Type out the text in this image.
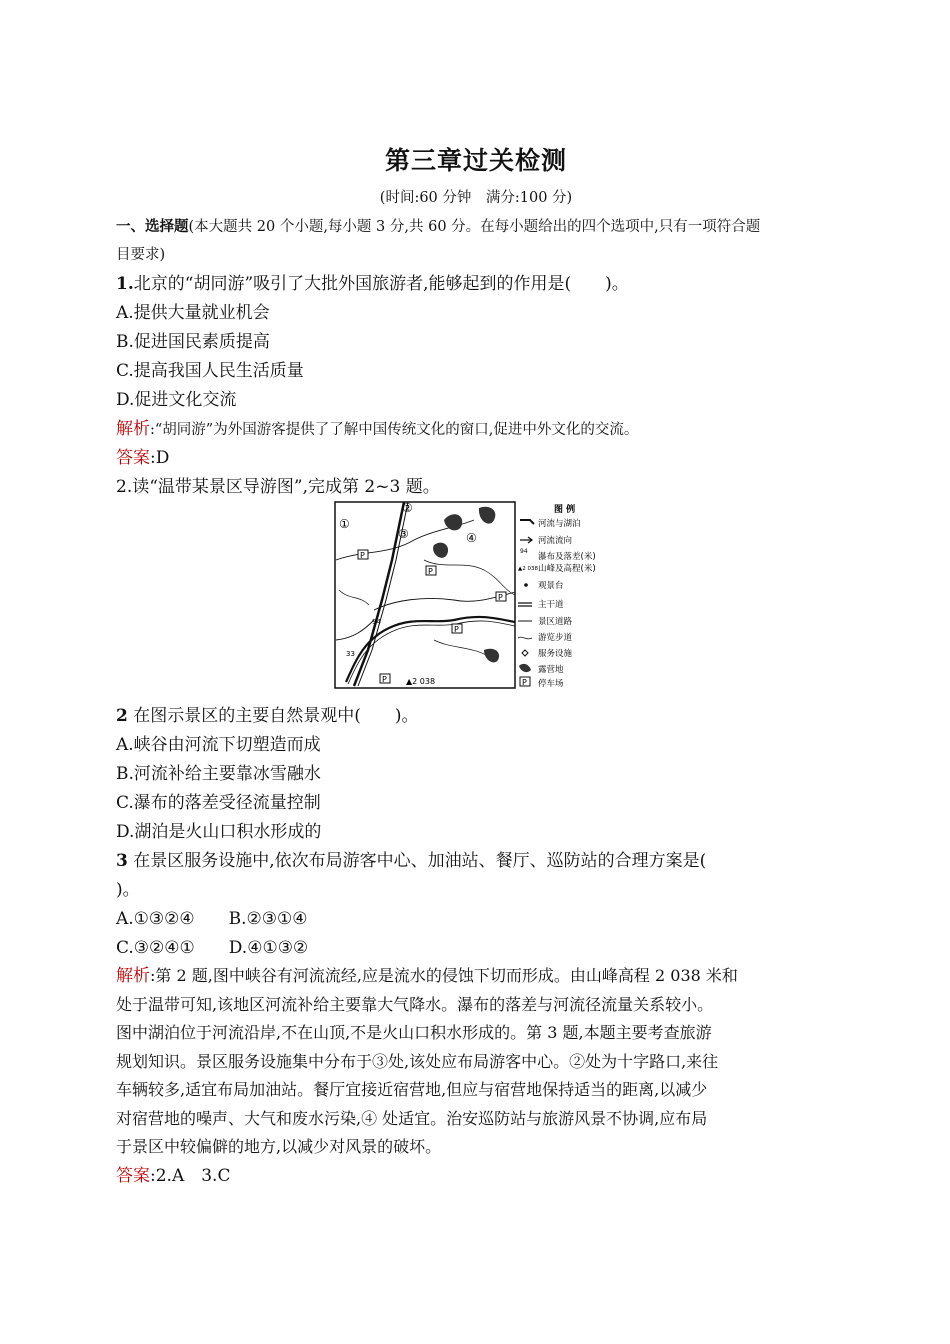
第三章过关检测
(时间:60 分钟　满分:100 分)
一、选择题(本大题共 20 个小题,每小题 3 分,共 60 分。在每小题给出的四个选项中,只有一项符合题
目要求)
1.北京的“胡同游”吸引了大批外国旅游者,能够起到的作用是(　　)。
A.提供大量就业机会
B.促进国民素质提高
C.提高我国人民生活质量
D.促进文化交流
解析:“胡同游”为外国游客提供了了解中国传统文化的窗口,促进中外文化的交流。
答案:D
2.读“温带某景区导游图”,完成第 2~3 题。
①
②
③	④
P
P
P
P
P
94
33
▲2 038
图 例
河流与湖泊
河流流向
94
瀑布及落差(米)
▲2 038 山峰及高程(米)
观景台
主干道
景区道路
游览步道
服务设施
露营地
P 停车场
2 在图示景区的主要自然景观中(　　)。
A.峡谷由河流下切塑造而成
B.河流补给主要靠冰雪融水
C.瀑布的落差受径流量控制
D.湖泊是火山口积水形成的
3 在景区服务设施中,依次布局游客中心、加油站、餐厅、巡防站的合理方案是(
)。
A.①③②④ B.②③①④
C.③②④① D.④①③②
解析:第 2 题,图中峡谷有河流流经,应是流水的侵蚀下切而形成。由山峰高程 2 038 米和
处于温带可知,该地区河流补给主要靠大气降水。瀑布的落差与河流径流量关系较小。
图中湖泊位于河流沿岸,不在山顶,不是火山口积水形成的。第 3 题,本题主要考查旅游
规划知识。景区服务设施集中分布于③处,该处应布局游客中心。②处为十字路口,来往
车辆较多,适宜布局加油站。餐厅宜接近宿营地,但应与宿营地保持适当的距离,以减少
对宿营地的噪声、大气和废水污染,④ 处适宜。治安巡防站与旅游风景不协调,应布局
于景区中较偏僻的地方,以减少对风景的破坏。
答案:2.A　3.C
